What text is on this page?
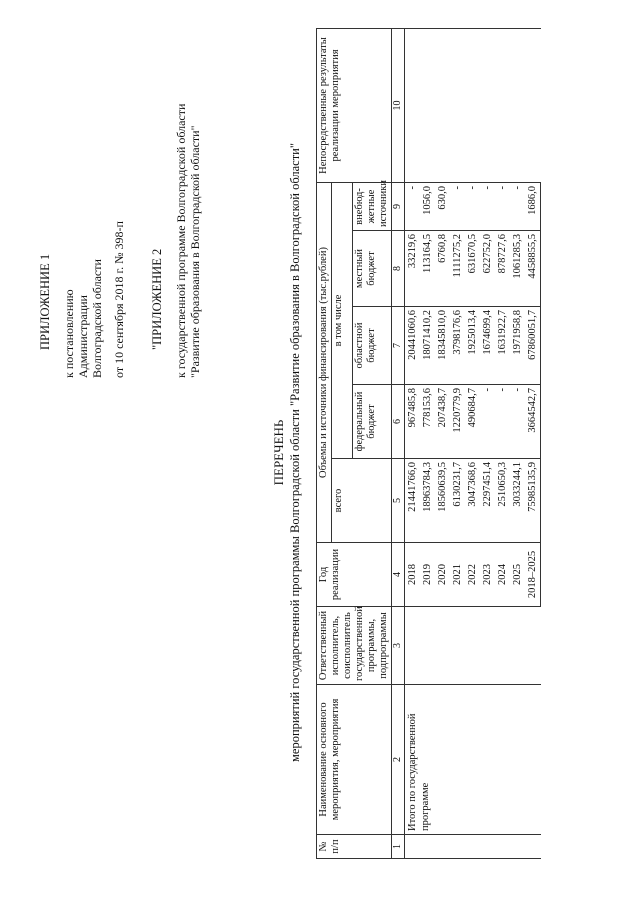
ПРИЛОЖЕНИЕ 1 к постановлению Администрации Волгоградской области от 10 сентября 2018 г. № 398-п "ПРИЛОЖЕНИЕ 2 к государственной программе Волгоградской области "Развитие образования в Волгоградской области"
ПЕРЕЧЕНЬ мероприятий государственной программы Волгоградской области "Развитие образования в Волгоградской области"
№ п/п	Наименование основного мероприятия, мероприятия	Ответственный исполнитель, соисполнитель государственной программы, подпрограммы	Год реализации	Объемы и источники финансирования (тыс.рублей)					Непосредственные результаты реализации мероприятия
				всего	в том числе				
					федеральный бюджет	областной бюджет	местный бюджет	внебюд- жетные источники	
1	2	3	4	5	6	7	8	9	10
	Итого по государственной программе		2018	21441766,0	967485,8	20441060,6	33219,6	-	
			2019	18963784,3	778153,6	18071410,2	113164,5	1056,0	
			2020	18560639,5	207438,7	18345810,0	6760,8	630,0	
			2021	6130231,7	1220779,9	3798176,6	1111275,2	-	
			2022	3047368,6	490684,7	1925013,4	631670,5	-	
			2023	2297451,4	-	1674699,4	622752,0	-	
			2024	2510650,3	-	1631922,7	878727,6	-	
			2025	3033244,1	-	1971958,8	1061285,3	-	
			2018–2025	75985135,9	3664542,7	67860051,7	4458855,5	1686,0	
